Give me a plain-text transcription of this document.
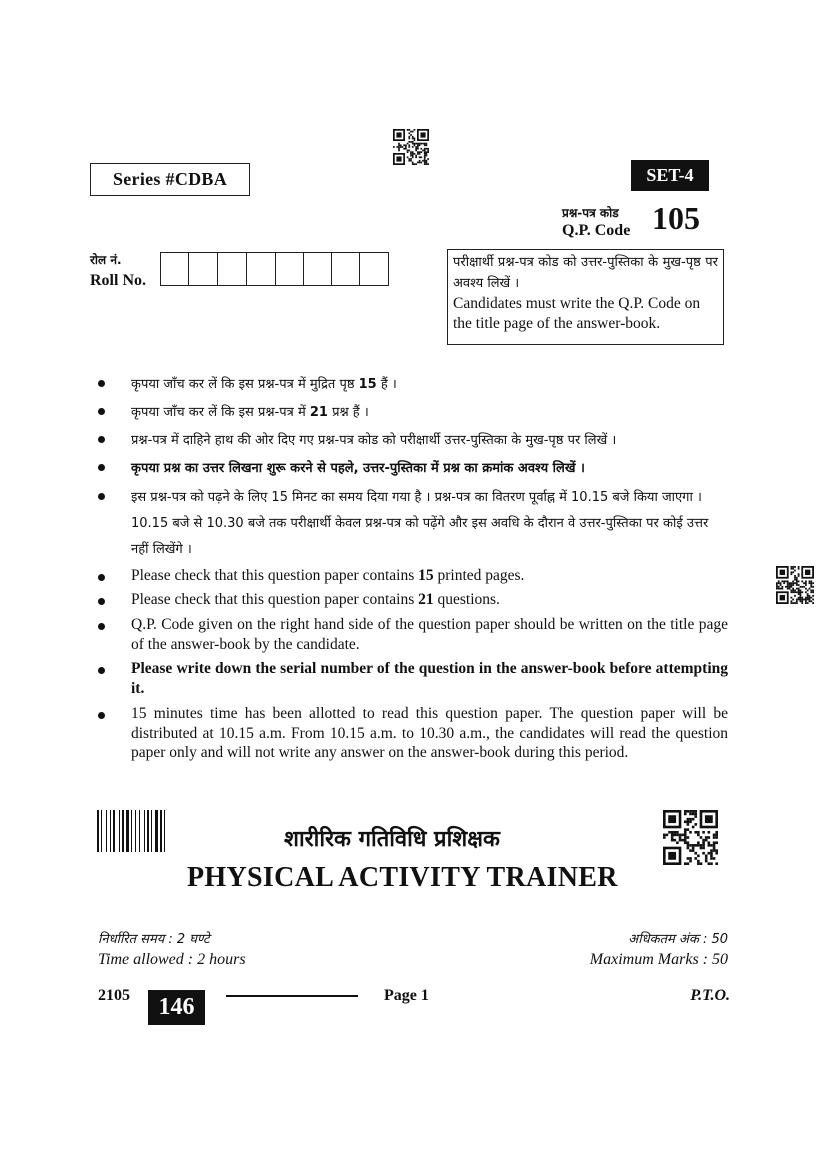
Series #CDBA	SET-4
प्रश्न-पत्र कोड
Q.P. Code 105
रोल नं.
Roll No.
परीक्षार्थी प्रश्न-पत्र कोड को उत्तर-पुस्तिका के मुख-पृष्ठ पर अवश्य लिखें ।
Candidates must write the Q.P. Code on the title page of the answer-book.
कृपया जाँच कर लें कि इस प्रश्न-पत्र में मुद्रित पृष्ठ 15 हैं ।
कृपया जाँच कर लें कि इस प्रश्न-पत्र में 21 प्रश्न हैं ।
प्रश्न-पत्र में दाहिने हाथ की ओर दिए गए प्रश्न-पत्र कोड को परीक्षार्थी उत्तर-पुस्तिका के मुख-पृष्ठ पर लिखें ।
कृपया प्रश्न का उत्तर लिखना शुरू करने से पहले, उत्तर-पुस्तिका में प्रश्न का क्रमांक अवश्य लिखें ।
इस प्रश्न-पत्र को पढ़ने के लिए 15 मिनट का समय दिया गया है । प्रश्न-पत्र का वितरण पूर्वाह्न में 10.15 बजे किया जाएगा । 10.15 बजे से 10.30 बजे तक परीक्षार्थी केवल प्रश्न-पत्र को पढ़ेंगे और इस अवधि के दौरान वे उत्तर-पुस्तिका पर कोई उत्तर नहीं लिखेंगे ।
Please check that this question paper contains 15 printed pages.
Please check that this question paper contains 21 questions.
Q.P. Code given on the right hand side of the question paper should be written on the title page of the answer-book by the candidate.
Please write down the serial number of the question in the answer-book before attempting it.
15 minutes time has been allotted to read this question paper. The question paper will be distributed at 10.15 a.m. From 10.15 a.m. to 10.30 a.m., the candidates will read the question paper only and will not write any answer on the answer-book during this period.
शारीरिक गतिविधि प्रशिक्षक
PHYSICAL ACTIVITY TRAINER
निर्धारित समय : 2 घण्टे
Time allowed : 2 hours
अधिकतम अंक : 50
Maximum Marks : 50
2105	146	Page 1	P.T.O.
